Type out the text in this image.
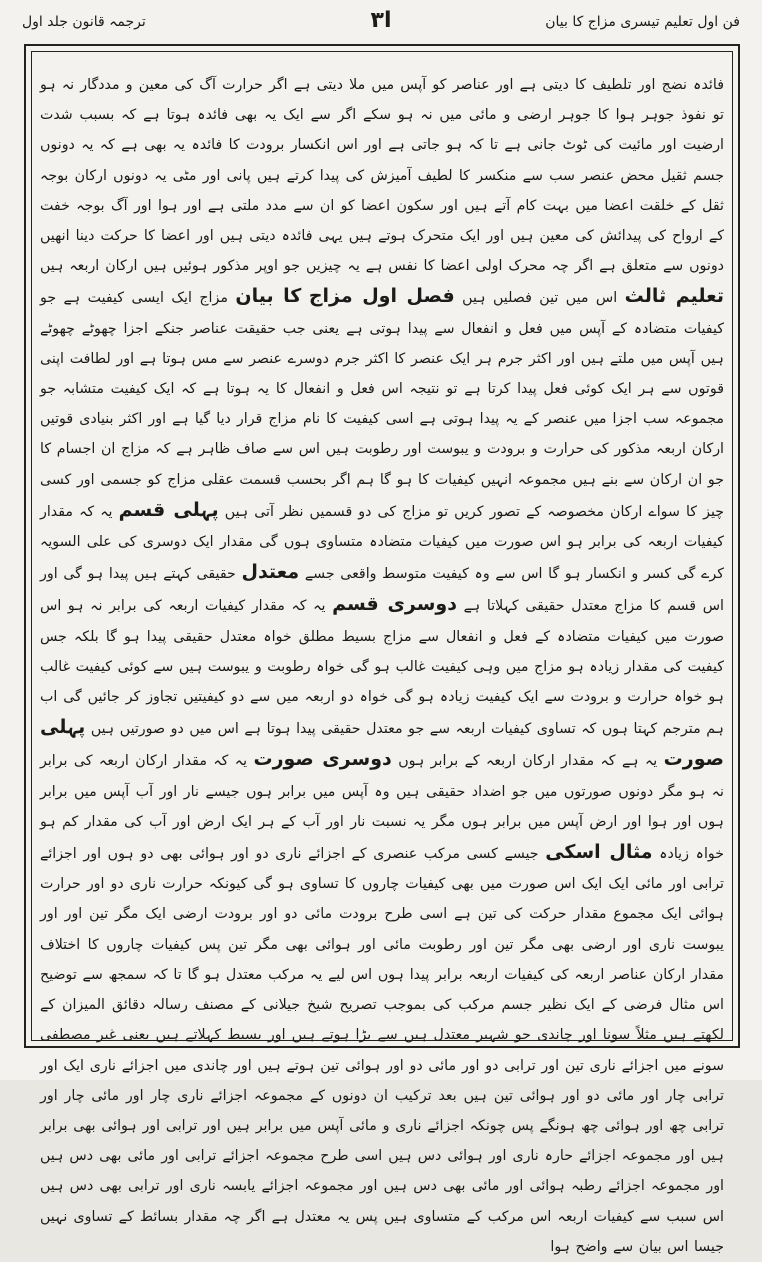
فن اول تعلیم تیسری مزاج کا بیان
۳ا
ترجمہ قانون جلد اول

فائدہ نضج اور تلطیف کا دیتی ہے اور عناصر کو آپس میں ملا دیتی ہے اگر حرارت آگ کی معین و مددگار نہ ہو تو نفوذ جوہر ہوا کا جوہر ارضی و مائی میں نہ ہو سکے اگر سے ایک یہ بھی فائدہ ہوتا ہے کہ بسبب شدت ارضیت اور مائیت کی ٹوٹ جانی ہے تا کہ ہو جاتی ہے اور اس انکسار برودت کا فائدہ یہ بھی ہے کہ یہ دونوں جسم ثقیل محض عنصر سب سے منکسر کا لطیف آمیزش کی پیدا کرتے ہیں پانی اور مٹی یہ دونوں ارکان بوجہ ثقل کے خلقت اعضا میں بہت کام آتے ہیں اور سکون اعضا کو ان سے مدد ملتی ہے اور ہوا اور آگ بوجہ خفت کے ارواح کی پیدائش کی معین ہیں اور ایک متحرک ہوتے ہیں یہی فائدہ دیتی ہیں اور اعضا کا حرکت دینا انھیں دونوں سے متعلق ہے اگر چہ محرک اولی اعضا کا نفس ہے یہ چیزیں جو اوپر مذکور ہوئیں ہیں ارکان اربعہ ہیں تعلیم ثالث اس میں تین فصلیں ہیں فصل اول مزاج کا بیان مزاج ایک ایسی کیفیت ہے جو کیفیات متضادہ کے آپس میں فعل و انفعال سے پیدا ہوتی ہے یعنی جب حقیقت عناصر جنکے اجزا چھوٹے چھوٹے ہیں آپس میں ملتے ہیں اور اکثر جرم ہر ایک عنصر کا اکثر جرم دوسرے عنصر سے مس ہوتا ہے اور لطافت اپنی قوتوں سے ہر ایک کوئی فعل پیدا کرتا ہے تو نتیجہ اس فعل و انفعال کا یہ ہوتا ہے کہ ایک کیفیت متشابہ جو مجموعہ سب اجزا میں عنصر کے یہ پیدا ہوتی ہے اسی کیفیت کا نام مزاج قرار دیا گیا ہے اور اکثر بنیادی قوتیں ارکان اربعہ مذکور کی حرارت و برودت و یبوست اور رطوبت ہیں اس سے صاف ظاہر ہے کہ مزاج ان اجسام کا جو ان ارکان سے بنے ہیں مجموعہ انہیں کیفیات کا ہو گا ہم اگر بحسب قسمت عقلی مزاج کو جسمی اور کسی چیز کا سواے ارکان مخصوصہ کے تصور کریں تو مزاج کی دو قسمیں نظر آتی ہیں پہلی قسم یہ کہ مقدار کیفیات اربعہ کی برابر ہو اس صورت میں کیفیات متضادہ متساوی ہوں گی مقدار ایک دوسری کی علی السویہ کرے گی کسر و انکسار ہو گا اس سے وہ کیفیت متوسط واقعی جسے معتدل حقیقی کہتے ہیں پیدا ہو گی اور اس قسم کا مزاج معتدل حقیقی کہلاتا ہے دوسری قسم یہ کہ مقدار کیفیات اربعہ کی برابر نہ ہو اس صورت میں کیفیات متضادہ کے فعل و انفعال سے مزاج بسیط مطلق خواہ معتدل حقیقی پیدا ہو گا بلکہ جس کیفیت کی مقدار زیادہ ہو مزاج میں وہی کیفیت غالب ہو گی خواہ رطوبت و یبوست ہیں سے کوئی کیفیت غالب ہو خواہ حرارت و برودت سے ایک کیفیت زیادہ ہو گی خواہ دو اربعہ میں سے دو کیفیتیں تجاوز کر جائیں گی اب ہم مترجم کہتا ہوں کہ تساوی کیفیات اربعہ سے جو معتدل حقیقی پیدا ہوتا ہے اس میں دو صورتیں ہیں پہلی صورت یہ ہے کہ مقدار ارکان اربعہ کے برابر ہوں دوسری صورت یہ کہ مقدار ارکان اربعہ کی برابر نہ ہو مگر دونوں صورتوں میں جو اضداد حقیقی ہیں وہ آپس میں برابر ہوں جیسے نار اور آب آپس میں برابر ہوں اور ہوا اور ارض آپس میں برابر ہوں مگر یہ نسبت نار اور آب کے ہر ایک ارض اور آب کی مقدار کم ہو خواہ زیادہ مثال اسکی جیسے کسی مرکب عنصری کے اجزائے ناری دو اور ہوائی بھی دو ہوں اور اجزائے ترابی اور مائی ایک ایک اس صورت میں بھی کیفیات چاروں کا تساوی ہو گی کیونکہ حرارت ناری دو اور حرارت ہوائی ایک مجموع مقدار حرکت کی تین ہے اسی طرح برودت مائی دو اور برودت ارضی ایک مگر تین اور اور یبوست ناری اور ارضی بھی مگر تین اور رطوبت مائی اور ہوائی بھی مگر تین پس کیفیات چاروں کا اختلاف مقدار ارکان عناصر اربعہ کی کیفیات اربعہ برابر پیدا ہوں اس لیے یہ مرکب معتدل ہو گا تا کہ سمجھ سے توضیح اس مثال فرضی کے ایک نظیر جسم مرکب کی بموجب تصریح شیخ جیلانی کے مصنف رسالہ دقائق المیزان کے لکھتے ہیں مثلاً سونا اور چاندی جو شہیر معتدل ہیں سے بڑا ہوتے ہیں اور بسیط کہلاتے ہیں یعنی غیر مصطفی سونے میں اجزائے ناری تین اور ترابی دو اور مائی دو اور ہوائی تین ہوتے ہیں اور چاندی میں اجزائے ناری ایک اور ترابی چار اور مائی دو اور ہوائی تین ہیں بعد ترکیب ان دونوں کے مجموعہ اجزائے ناری چار اور مائی چار اور ترابی چھ اور ہوائی چھ ہونگے پس چونکہ اجزائے ناری و مائی آپس میں برابر ہیں اور ترابی اور ہوائی بھی برابر ہیں اور مجموعہ اجزائے حارہ ناری اور ہوائی دس ہیں اسی طرح مجموعہ اجزائے ترابی اور مائی بھی دس ہیں اور مجموعہ اجزائے رطبہ ہوائی اور مائی بھی دس ہیں اور مجموعہ اجزائے یابسہ ناری اور ترابی بھی دس ہیں اس سبب سے کیفیات اربعہ اس مرکب کے متساوی ہیں پس یہ معتدل ہے اگر چہ مقدار بسائط کے تساوی نہیں جیسا اس بیان سے واضح ہوا
